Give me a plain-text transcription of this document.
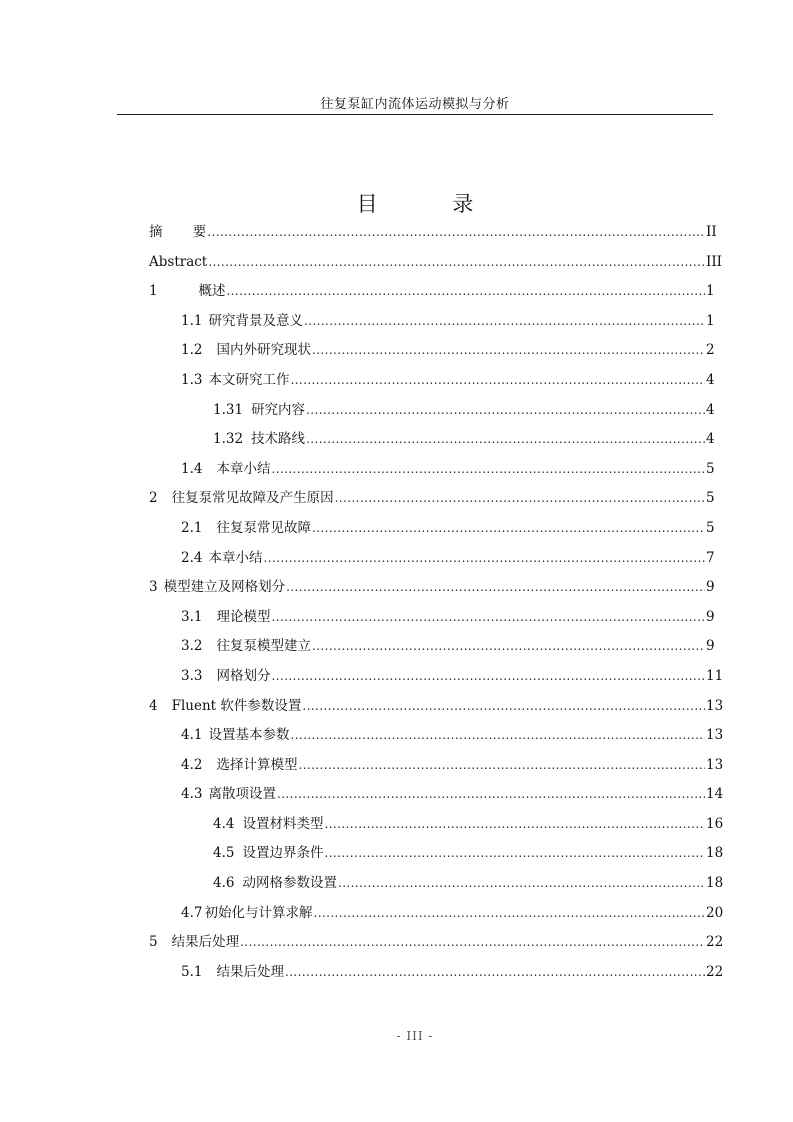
往复泵缸内流体运动模拟与分析
目 录
摘 要 .....	II
Abstract .....	III
1	概述 .....	1
1.1 研究背景及意义 .....	1
1.2 国内外研究现状 .....	2
1.3 本文研究工作 .....	4
1.31 研究内容 .....	4
1.32 技术路线 .....	4
1.4 本章小结 .....	5
2 往复泵常见故障及产生原因 .....	5
2.1 往复泵常见故障 .....	5
2.4 本章小结 .....	7
3 模型建立及网格划分 .....	9
3.1 理论模型 .....	9
3.2 往复泵模型建立 .....	9
3.3 网格划分 .....	11
4 Fluent 软件参数设置 .....	13
4.1 设置基本参数 .....	13
4.2 选择计算模型 .....	13
4.3 离散项设置 .....	14
4.4 设置材料类型 .....	16
4.5 设置边界条件 .....	18
4.6 动网格参数设置 .....	18
4.7 初始化与计算求解 .....	20
5 结果后处理 .....	22
5.1 结果后处理 .....	22
- III -
